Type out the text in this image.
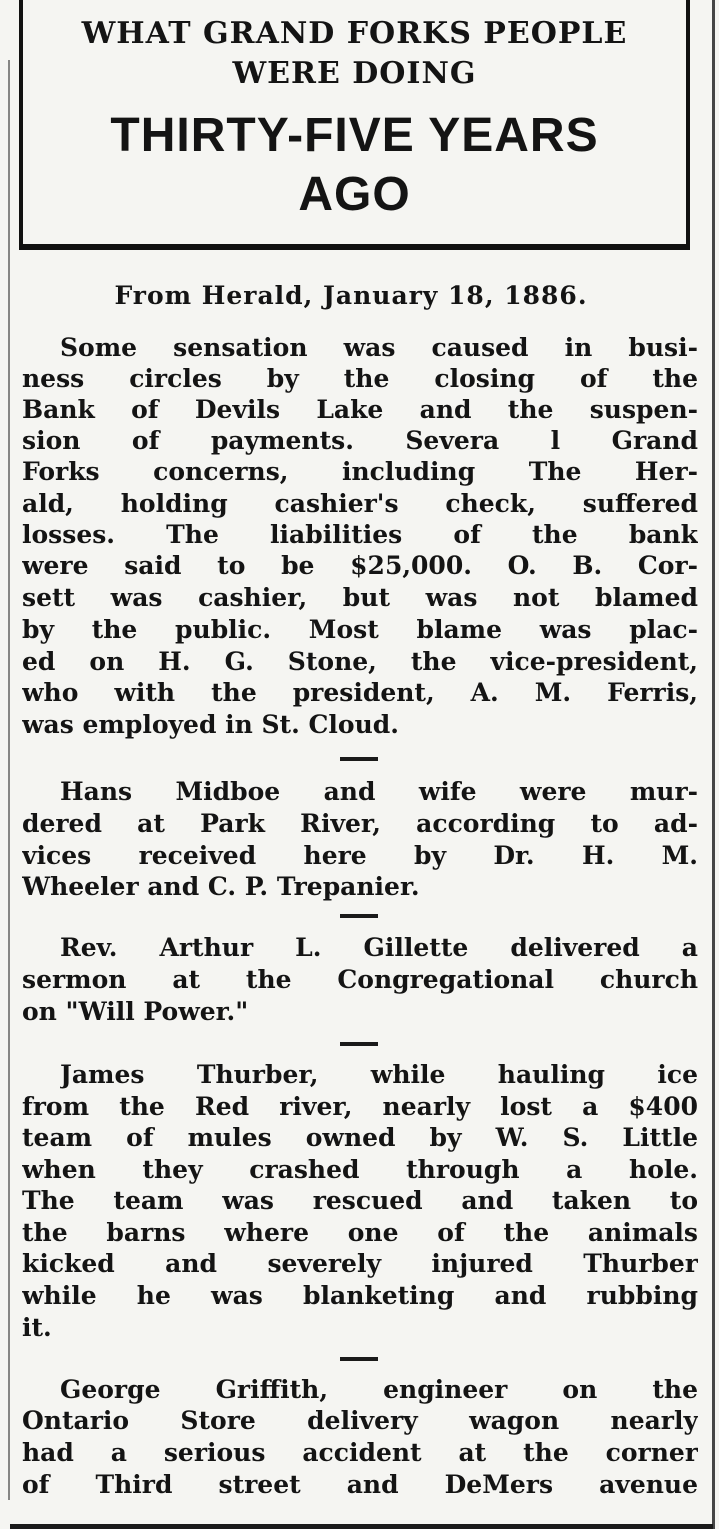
WHAT GRAND FORKS PEOPLE
WERE DOING
THIRTY-FIVE YEARS
AGO
From Herald, January 18, 1886.
Some sensation was caused in busi-
ness circles by the closing of the
Bank of Devils Lake and the suspen-
sion of payments. Severa l Grand
Forks concerns, including The Her-
ald, holding cashier's check, suffered
losses. The liabilities of the bank
were said to be $25,000. O. B. Cor-
sett was cashier, but was not blamed
by the public. Most blame was plac-
ed on H. G. Stone, the vice-president,
who with the president, A. M. Ferris,
was employed in St. Cloud.
Hans Midboe and wife were mur-
dered at Park River, according to ad-
vices received here by Dr. H. M.
Wheeler and C. P. Trepanier.
Rev. Arthur L. Gillette delivered a
sermon at the Congregational church
on "Will Power."
James Thurber, while hauling ice
from the Red river, nearly lost a $400
team of mules owned by W. S. Little
when they crashed through a hole.
The team was rescued and taken to
the barns where one of the animals
kicked and severely injured Thurber
while he was blanketing and rubbing
it.
George Griffith, engineer on the
Ontario Store delivery wagon nearly
had a serious accident at the corner
of Third street and DeMers avenue
